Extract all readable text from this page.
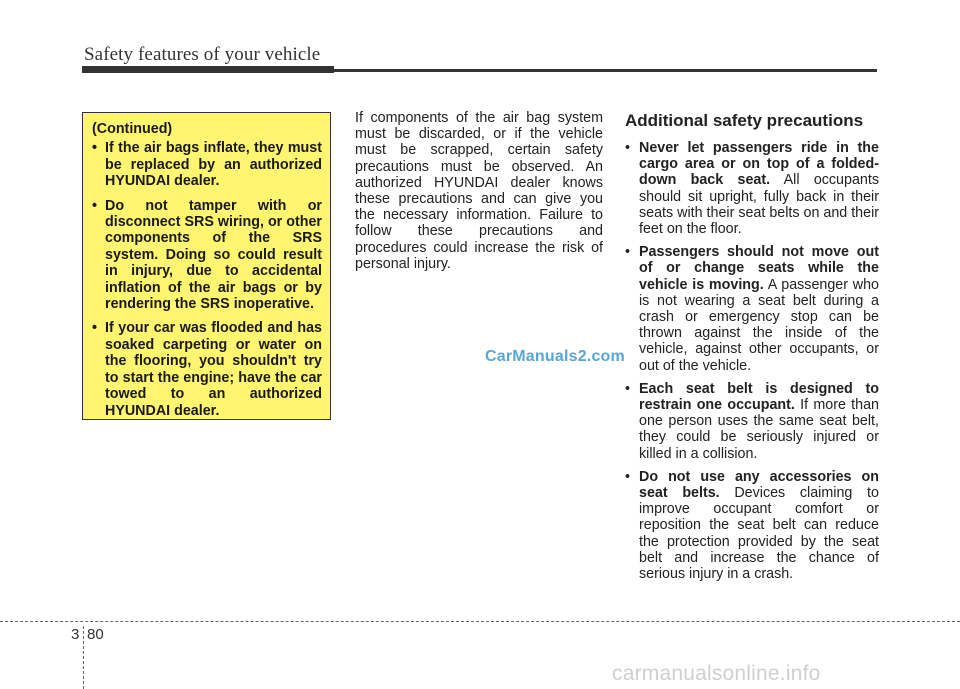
Safety features of your vehicle
(Continued)
• If the air bags inflate, they must be replaced by an authorized HYUNDAI dealer.
• Do not tamper with or disconnect SRS wiring, or other components of the SRS system. Doing so could result in injury, due to accidental inflation of the air bags or by rendering the SRS inoperative.
• If your car was flooded and has soaked carpeting or water on the flooring, you shouldn't try to start the engine; have the car towed to an authorized HYUNDAI dealer.

If components of the air bag system must be discarded, or if the vehicle must be scrapped, certain safety precautions must be observed. An authorized HYUNDAI dealer knows these precautions and can give you the necessary information. Failure to follow these precautions and procedures could increase the risk of personal injury.

Additional safety precautions
• Never let passengers ride in the cargo area or on top of a folded-down back seat. All occupants should sit upright, fully back in their seats with their seat belts on and their feet on the floor.
• Passengers should not move out of or change seats while the vehicle is moving. A passenger who is not wearing a seat belt during a crash or emergency stop can be thrown against the inside of the vehicle, against other occupants, or out of the vehicle.
• Each seat belt is designed to restrain one occupant. If more than one person uses the same seat belt, they could be seriously injured or killed in a collision.
• Do not use any accessories on seat belts. Devices claiming to improve occupant comfort or reposition the seat belt can reduce the protection provided by the seat belt and increase the chance of serious injury in a crash.
CarManuals2.com
3 80
carmanualsonline.info
